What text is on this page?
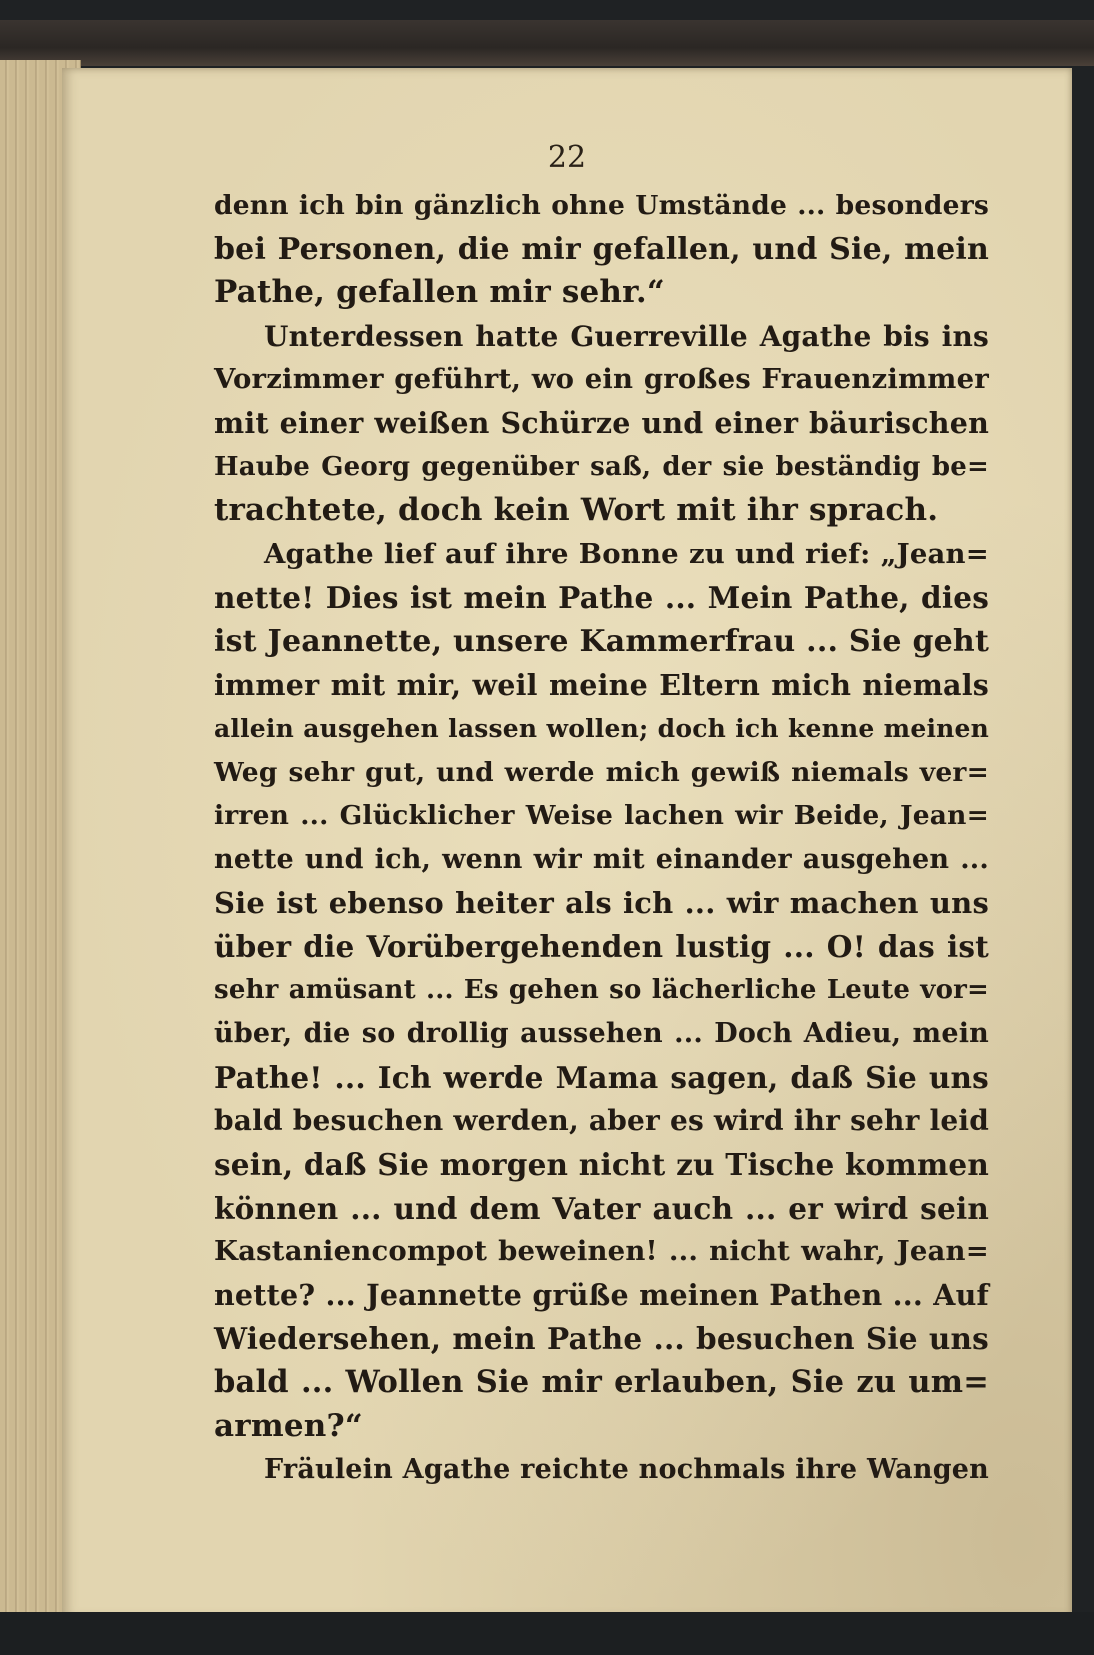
22
denn ich bin gänzlich ohne Umstände ... besonders
bei Personen, die mir gefallen, und Sie, mein
Pathe, gefallen mir sehr.“
Unterdessen hatte Guerreville Agathe bis ins
Vorzimmer geführt, wo ein großes Frauenzimmer
mit einer weißen Schürze und einer bäurischen
Haube Georg gegenüber saß, der sie beständig be=
trachtete, doch kein Wort mit ihr sprach.
Agathe lief auf ihre Bonne zu und rief: „Jean=
nette! Dies ist mein Pathe ... Mein Pathe, dies
ist Jeannette, unsere Kammerfrau ... Sie geht
immer mit mir, weil meine Eltern mich niemals
allein ausgehen lassen wollen; doch ich kenne meinen
Weg sehr gut, und werde mich gewiß niemals ver=
irren ... Glücklicher Weise lachen wir Beide, Jean=
nette und ich, wenn wir mit einander ausgehen ...
Sie ist ebenso heiter als ich ... wir machen uns
über die Vorübergehenden lustig ... O! das ist
sehr amüsant ... Es gehen so lächerliche Leute vor=
über, die so drollig aussehen ... Doch Adieu, mein
Pathe! ... Ich werde Mama sagen, daß Sie uns
bald besuchen werden, aber es wird ihr sehr leid
sein, daß Sie morgen nicht zu Tische kommen
können ... und dem Vater auch ... er wird sein
Kastaniencompot beweinen! ... nicht wahr, Jean=
nette? ... Jeannette grüße meinen Pathen ... Auf
Wiedersehen, mein Pathe ... besuchen Sie uns
bald ... Wollen Sie mir erlauben, Sie zu um=
armen?“
Fräulein Agathe reichte nochmals ihre Wangen
